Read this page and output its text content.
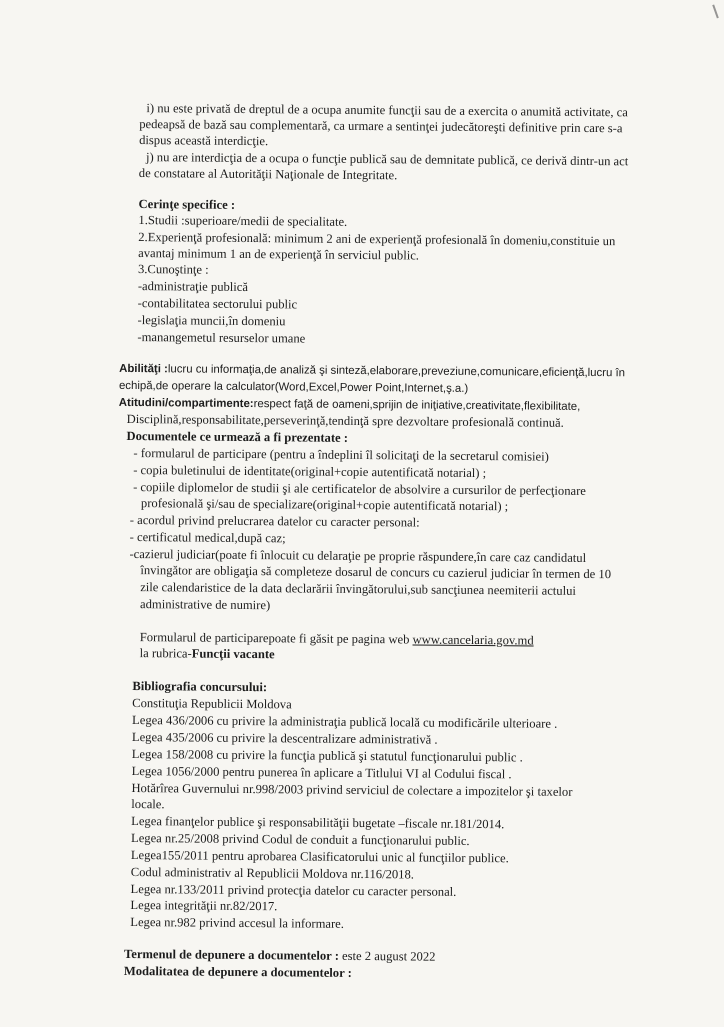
i) nu este privată de dreptul de a ocupa anumite funcţii sau de a exercita o anumită activitate, ca
pedeapsă de bază sau complementară, ca urmare a sentinţei judecătoreşti definitive prin care s-a
dispus această interdicţie.
j) nu are interdicţia de a ocupa o funcţie publică sau de demnitate publică, ce derivă dintr-un act
de constatare al Autorităţii Naţionale de Integritate.
Cerinţe specifice :
1.Studii :superioare/medii de specialitate.
2.Experienţă profesională: minimum 2 ani de experienţă profesională în domeniu,constituie un
avantaj minimum 1 an de experienţă în serviciul public.
3.Cunoştinţe :
-administraţie publică
-contabilitatea sectorului public
-legislaţia muncii,în domeniu
-manangemetul resurselor umane
Abilităţi :lucru cu informaţia,de analiză şi sinteză,elaborare,preveziune,comunicare,eficienţă,lucru în
echipă,de operare la calculator(Word,Excel,Power Point,Internet,ş.a.)
Atitudini/compartimente:respect faţă de oameni,sprijin de iniţiative,creativitate,flexibilitate,
Disciplină,responsabilitate,perseverinţă,tendinţă spre dezvoltare profesională continuă.
Documentele ce urmează a fi prezentate :
- formularul de participare (pentru a îndeplini îl solicitaţi de la secretarul comisiei)
- copia buletinului de identitate(original+copie autentificată notarial) ;
- copiile diplomelor de studii şi ale certificatelor de absolvire a cursurilor de perfecţionare
profesională şi/sau de specializare(original+copie autentificată notarial) ;
- acordul privind prelucrarea datelor cu caracter personal:
- certificatul medical,după caz;
-cazierul judiciar(poate fi înlocuit cu delaraţie pe proprie răspundere,în care caz candidatul
învingător are obligaţia să completeze dosarul de concurs cu cazierul judiciar în termen de 10
zile calendaristice de la data declarării învingătorului,sub sancţiunea neemiterii actului
administrative de numire)
Formularul de participarepoate fi găsit pe pagina web www.cancelaria.gov.md
la rubrica-Funcţii vacante
Bibliografia concursului:
Constituţia Republicii Moldova
Legea 436/2006 cu privire la administraţia publică locală cu modificările ulterioare .
Legea 435/2006 cu privire la descentralizare administrativă .
Legea 158/2008 cu privire la funcţia publică şi statutul funcţionarului public .
Legea 1056/2000 pentru punerea în aplicare a Titlului VI al Codului fiscal .
Hotărîrea Guvernului nr.998/2003 privind serviciul de colectare a impozitelor şi taxelor
locale.
Legea finanţelor publice şi responsabilităţii bugetate –fiscale nr.181/2014.
Legea nr.25/2008 privind Codul de conduit a funcţionarului public.
Legea155/2011 pentru aprobarea Clasificatorului unic al funcţiilor publice.
Codul administrativ al Republicii Moldova nr.116/2018.
Legea nr.133/2011 privind protecţia datelor cu caracter personal.
Legea integrităţii nr.82/2017.
Legea nr.982 privind accesul la informare.
Termenul de depunere a documentelor : este 2 august 2022
Modalitatea de depunere a documentelor :
